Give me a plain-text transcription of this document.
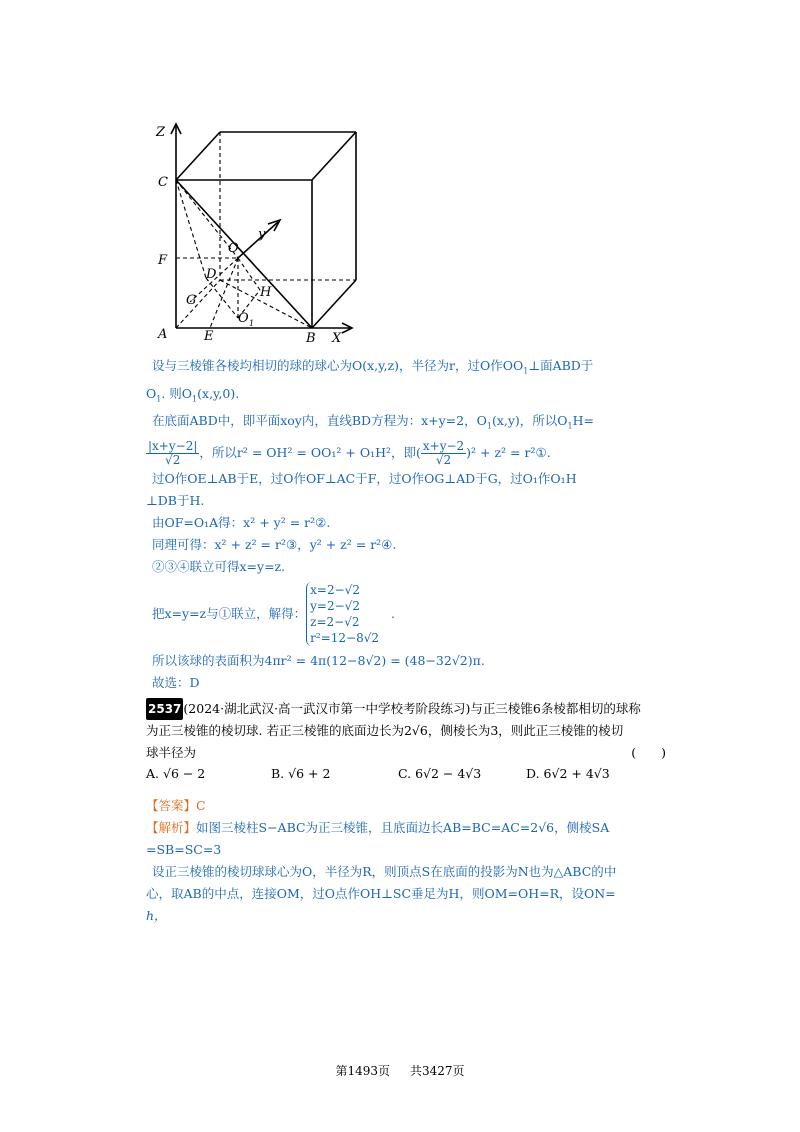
Z
C
F
A	E	B X
y
O
D
G
H
O 1
设与三棱锥各棱均相切的球的球心为O(x,y,z)，半径为r，过O作$OO_1\perp$面ABD于
$O_1$. 则$O_1(x,y,0)$.
在底面ABD中，即平面xoy内，直线BD方程为：x+y=2，$O_1(x,y)$，所以$O_1H=$
$\frac{|x+y-2|}{√2}$ ，所以r² = OH² = OO₁² + O₁H²，即( $\frac{x+y-2}{√2} )^2 + z^2$ = r²①.
过O作OE⊥AB于E，过O作OF⊥AC于F，过O作OG⊥AD于G，过O₁作O₁H
⊥DB于H.
由OF=O₁A得：x² + y² = r²②.
同理可得：x² + z² = r²③，y² + z² = r²④.
②③④联立可得x=y=z.
把x=y=z与①联立，解得：
x=2−√2
y=2−√2
z=2−√2
r²=12−8√2
.
所以该球的表面积为4πr² = 4π(12−8√2) = (48−32√2)π.
故选：D
2537 (2024·湖北武汉·高一武汉市第一中学校考阶段练习)与正三棱锥6条棱都相切的球称
为正三棱锥的棱切球. 若正三棱锥的底面边长为2√6，侧棱长为3，则此正三棱锥的棱切
球半径为	(　　)
A. √6 − 2	B. √6 + 2	C. 6√2 − 4√3	D. 6√2 + 4√3
【答案】C
【解析】如图三棱柱S−ABC为正三棱锥，且底面边长AB=BC=AC=2√6，侧棱SA
=SB=SC=3
设正三棱锥的棱切球球心为O，半径为R，则顶点S在底面的投影为N也为△ABC的中
心，取AB的中点，连接OM，过O点作OH⊥SC垂足为H，则OM=OH=R，设ON=
h，
第1493页 共3427页
